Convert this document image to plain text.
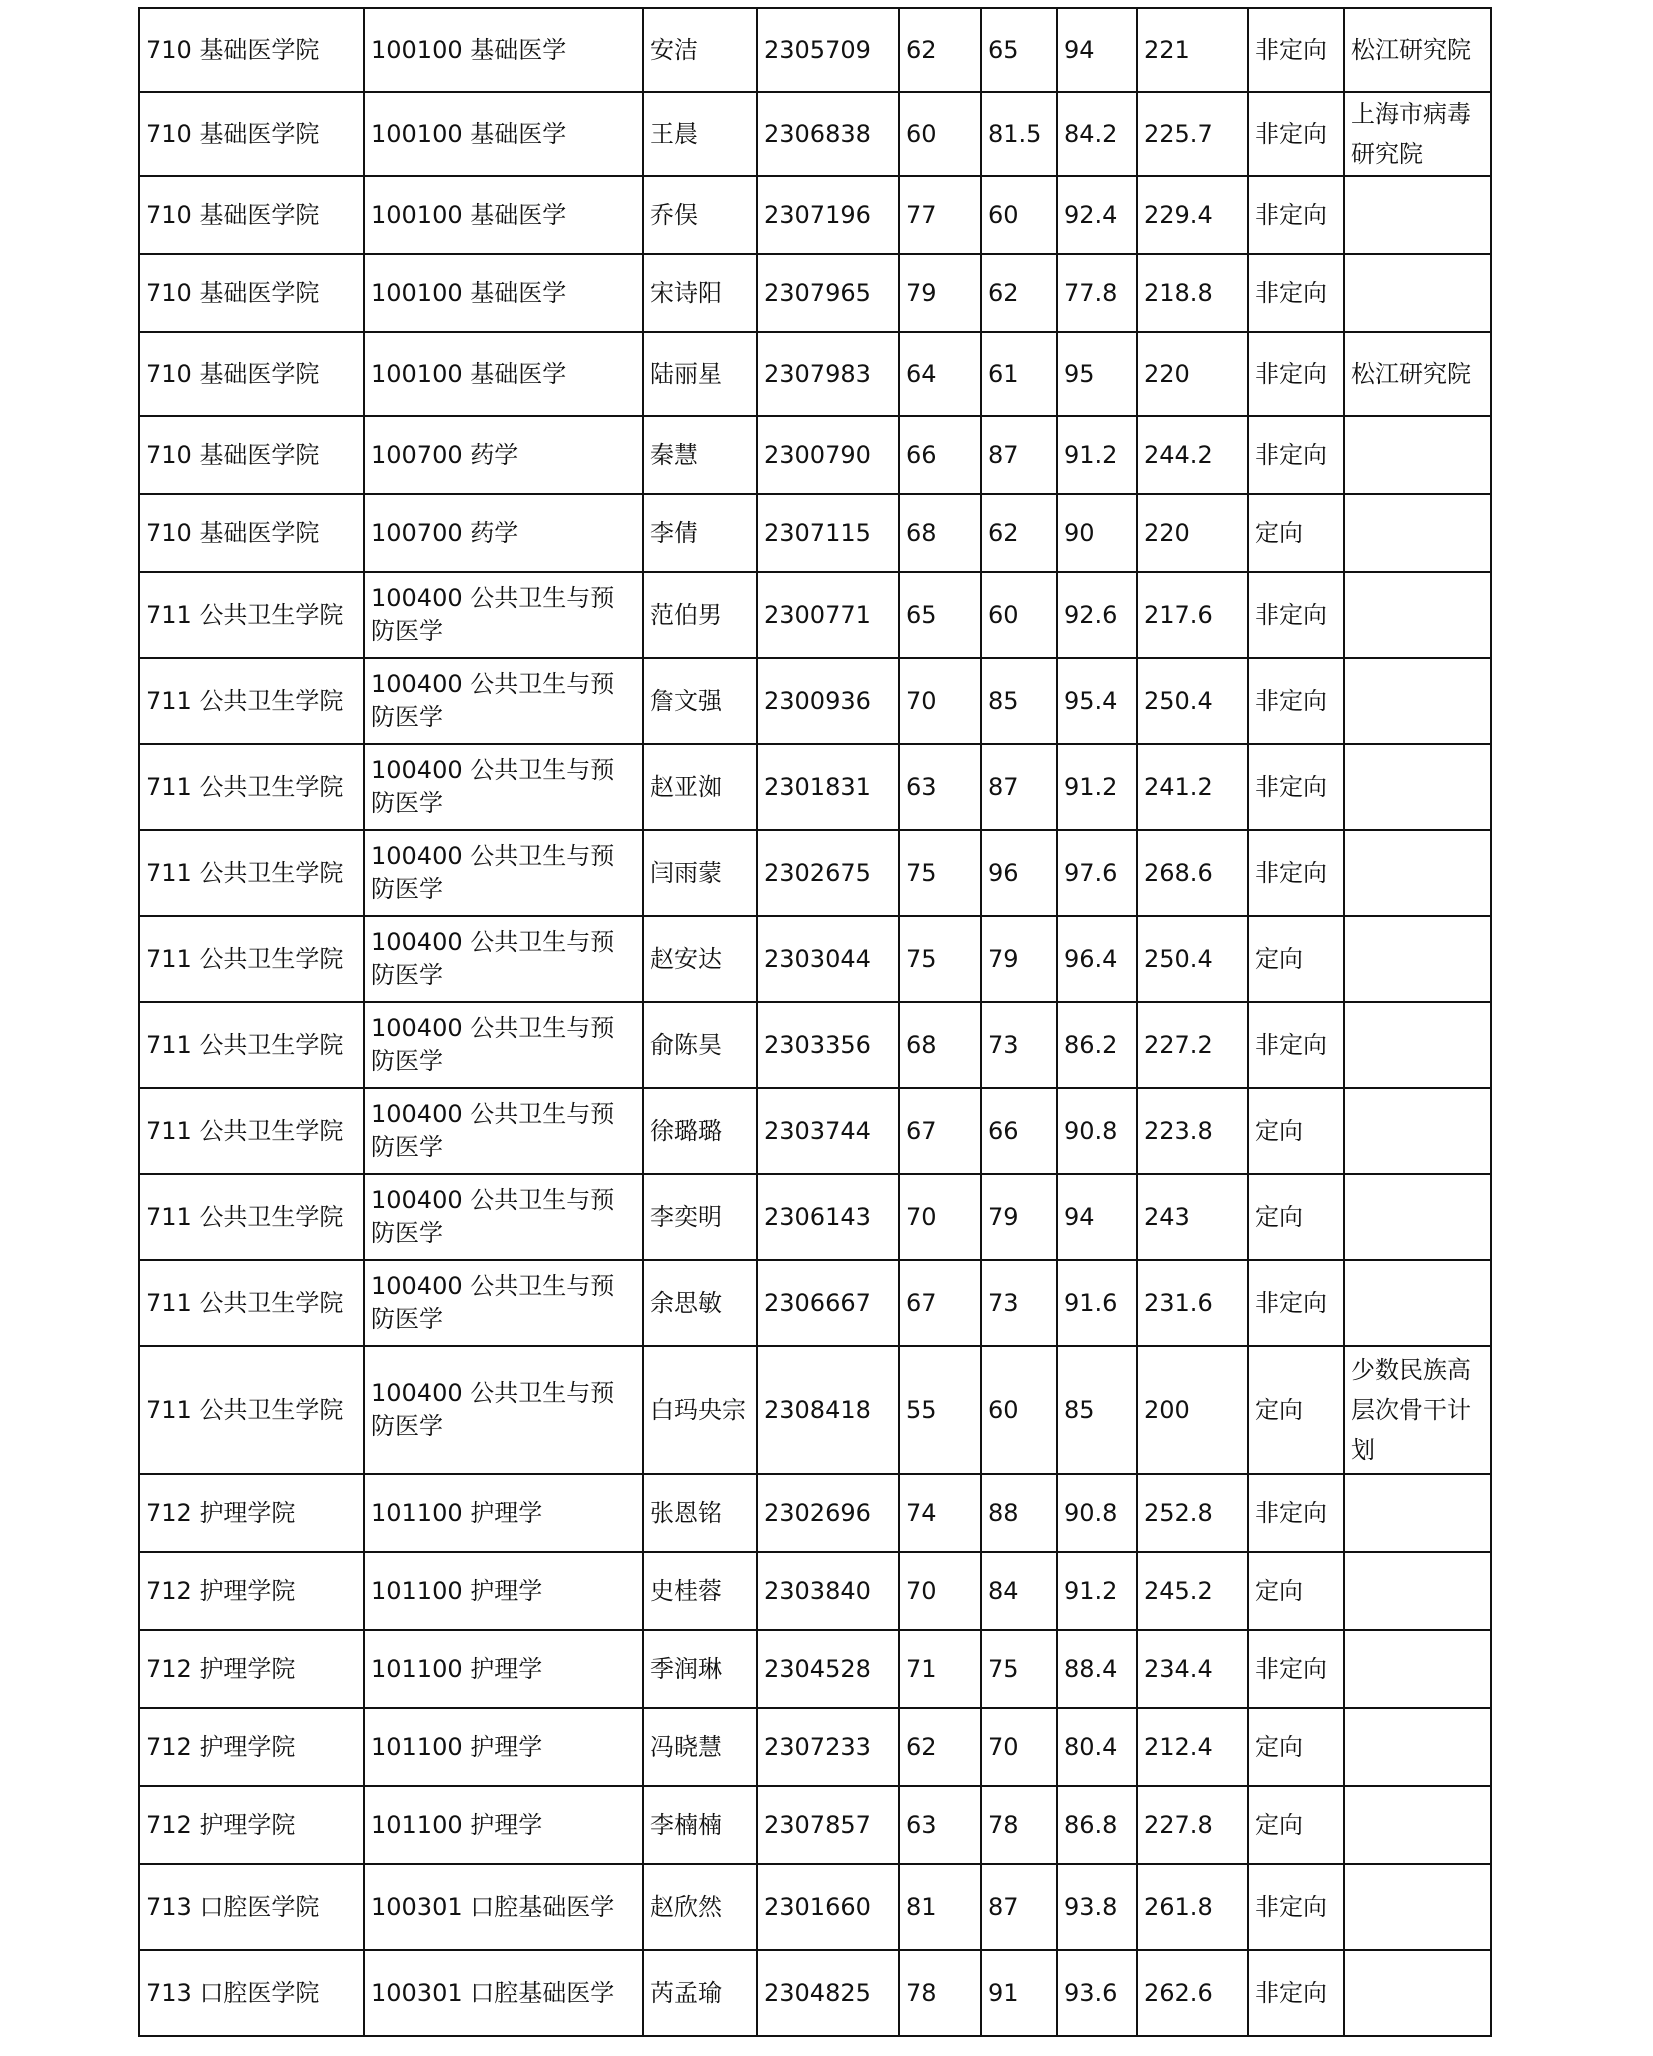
710 基础医学院	100100 基础医学	安洁	2305709	62	65	94	221	非定向	松江研究院
710 基础医学院	100100 基础医学	王晨	2306838	60	81.5	84.2	225.7	非定向	上海市病毒研究院
710 基础医学院	100100 基础医学	乔俣	2307196	77	60	92.4	229.4	非定向	
710 基础医学院	100100 基础医学	宋诗阳	2307965	79	62	77.8	218.8	非定向	
710 基础医学院	100100 基础医学	陆丽星	2307983	64	61	95	220	非定向	松江研究院
710 基础医学院	100700 药学	秦慧	2300790	66	87	91.2	244.2	非定向	
710 基础医学院	100700 药学	李倩	2307115	68	62	90	220	定向	
711 公共卫生学院	100400 公共卫生与预防医学	范伯男	2300771	65	60	92.6	217.6	非定向	
711 公共卫生学院	100400 公共卫生与预防医学	詹文强	2300936	70	85	95.4	250.4	非定向	
711 公共卫生学院	100400 公共卫生与预防医学	赵亚洳	2301831	63	87	91.2	241.2	非定向	
711 公共卫生学院	100400 公共卫生与预防医学	闫雨蒙	2302675	75	96	97.6	268.6	非定向	
711 公共卫生学院	100400 公共卫生与预防医学	赵安达	2303044	75	79	96.4	250.4	定向	
711 公共卫生学院	100400 公共卫生与预防医学	俞陈昊	2303356	68	73	86.2	227.2	非定向	
711 公共卫生学院	100400 公共卫生与预防医学	徐璐璐	2303744	67	66	90.8	223.8	定向	
711 公共卫生学院	100400 公共卫生与预防医学	李奕明	2306143	70	79	94	243	定向	
711 公共卫生学院	100400 公共卫生与预防医学	余思敏	2306667	67	73	91.6	231.6	非定向	
711 公共卫生学院	100400 公共卫生与预防医学	白玛央宗	2308418	55	60	85	200	定向	少数民族高层次骨干计划
712 护理学院	101100 护理学	张恩铭	2302696	74	88	90.8	252.8	非定向	
712 护理学院	101100 护理学	史桂蓉	2303840	70	84	91.2	245.2	定向	
712 护理学院	101100 护理学	季润琳	2304528	71	75	88.4	234.4	非定向	
712 护理学院	101100 护理学	冯晓慧	2307233	62	70	80.4	212.4	定向	
712 护理学院	101100 护理学	李楠楠	2307857	63	78	86.8	227.8	定向	
713 口腔医学院	100301 口腔基础医学	赵欣然	2301660	81	87	93.8	261.8	非定向	
713 口腔医学院	100301 口腔基础医学	芮孟瑜	2304825	78	91	93.6	262.6	非定向	
